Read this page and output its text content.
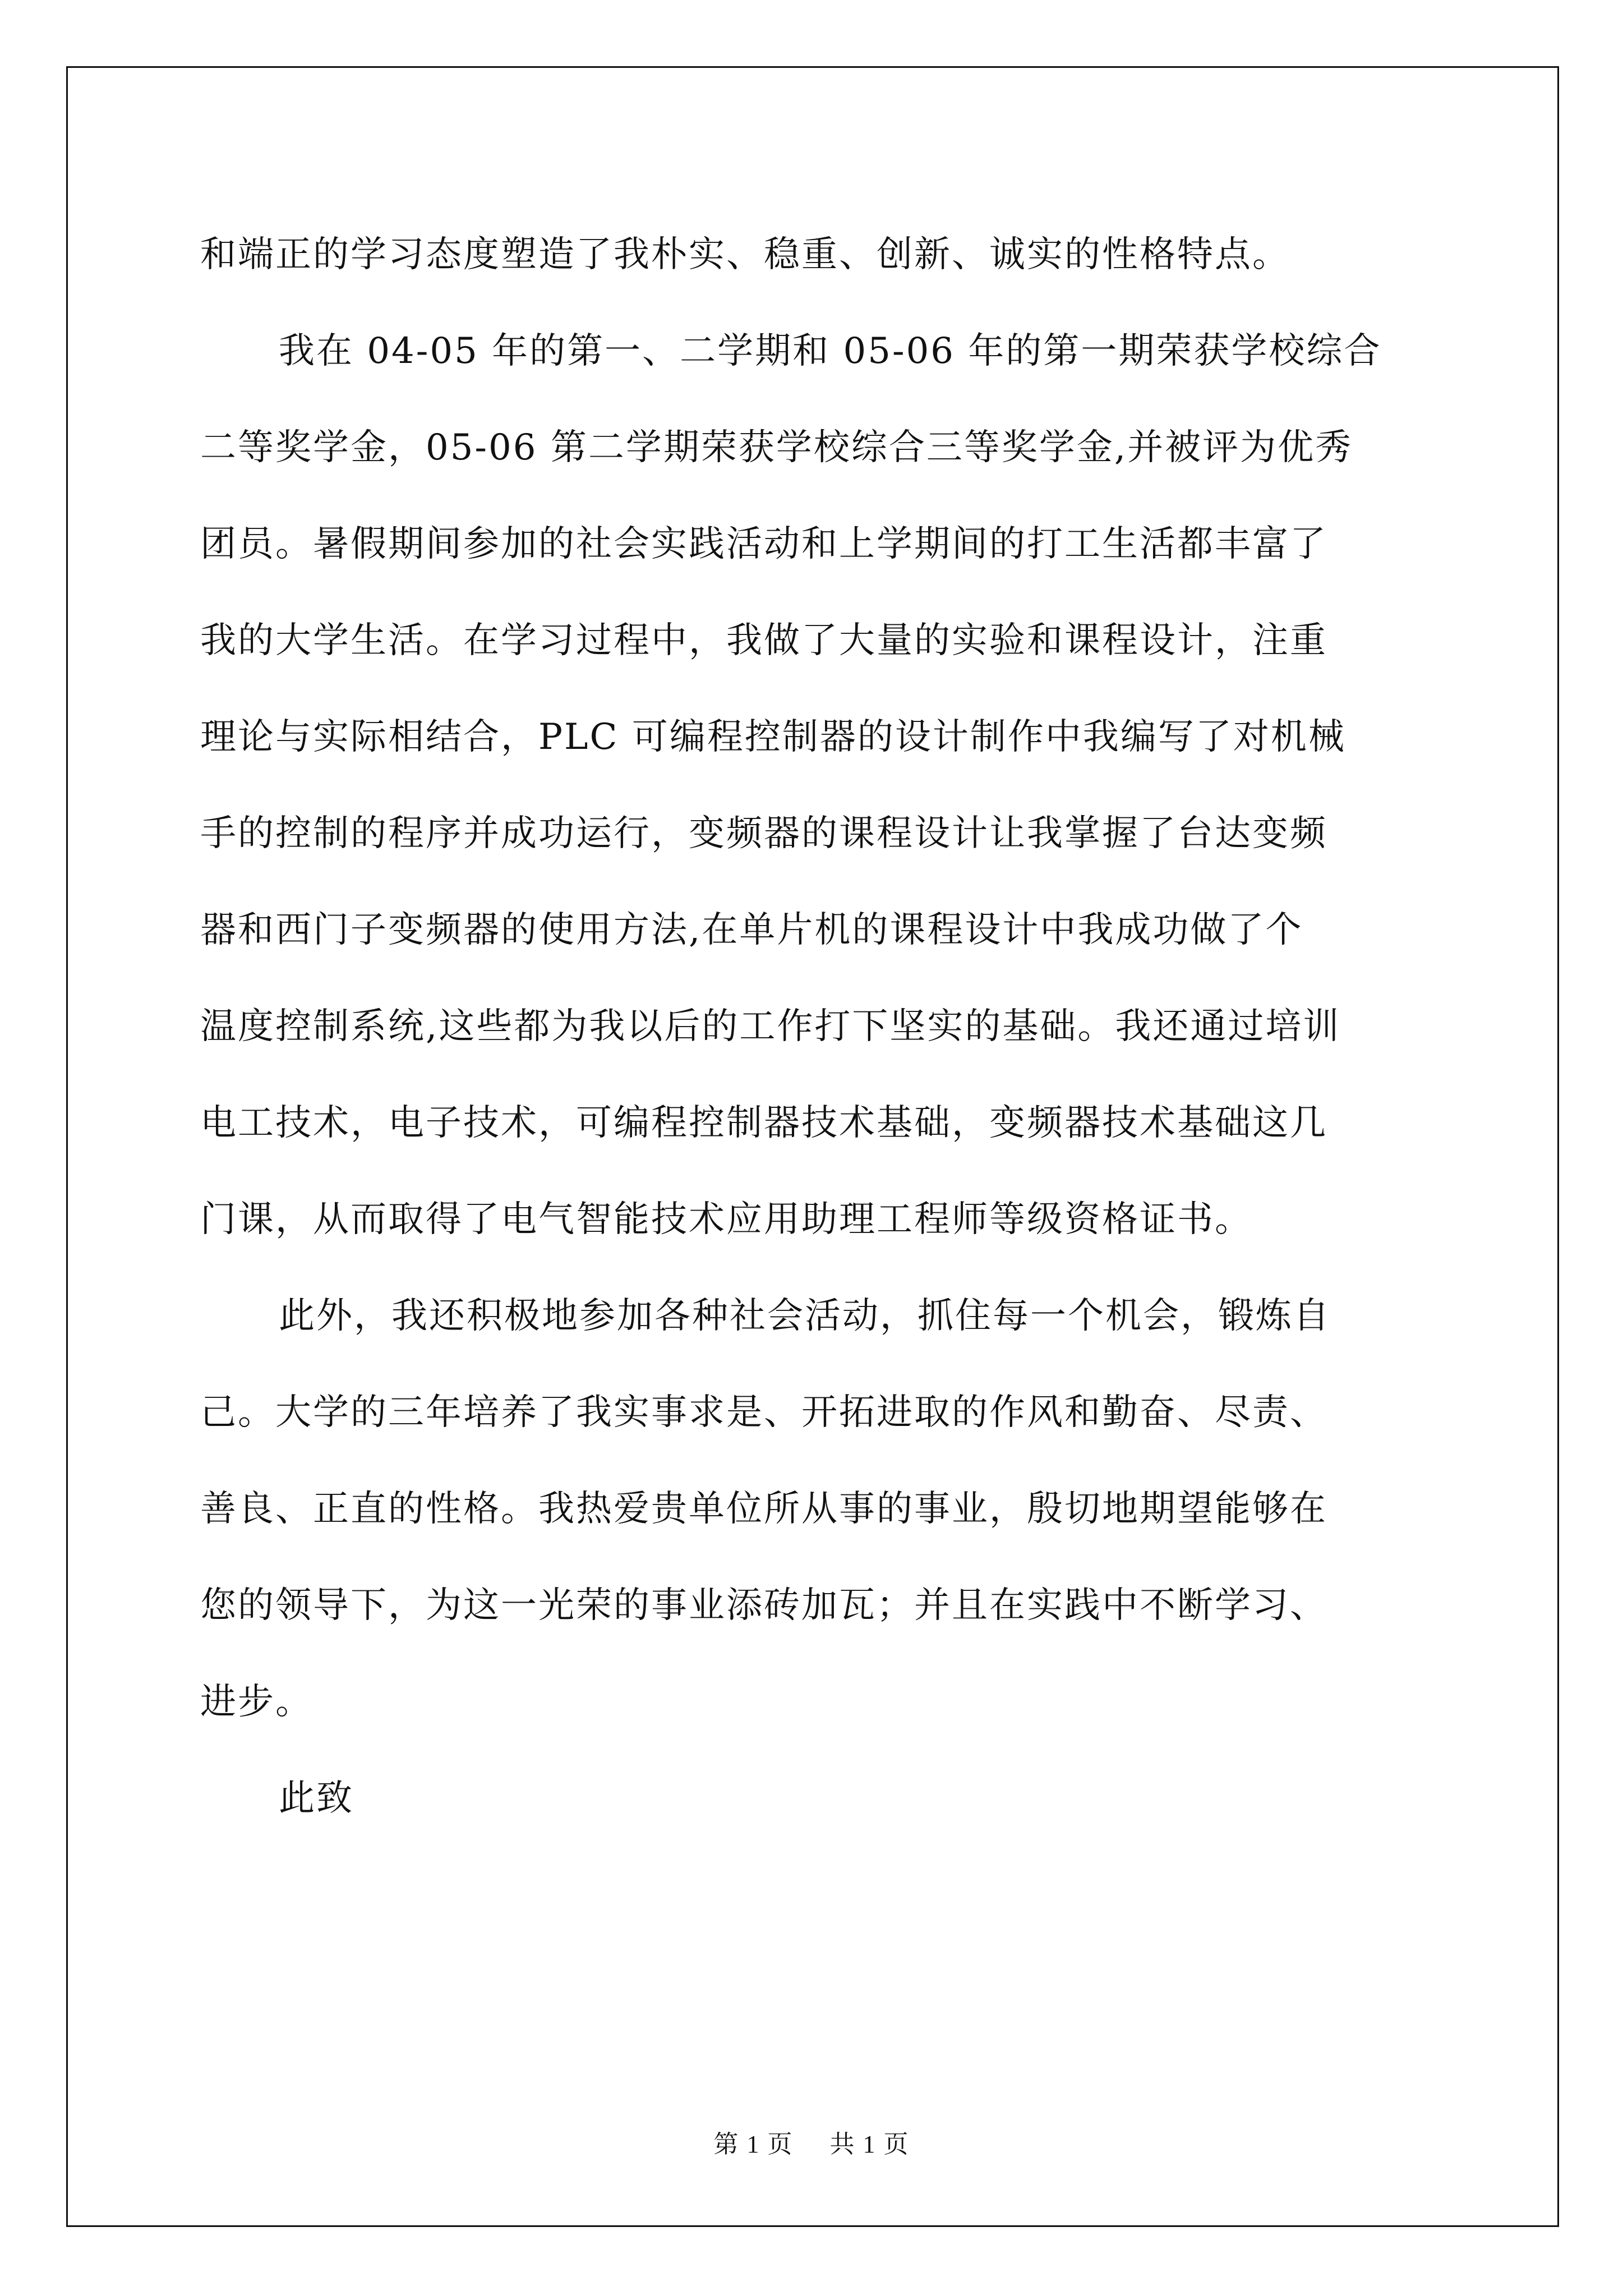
和端正的学习态度塑造了我朴实、稳重、创新、诚实的性格特点。
我在 04-05 年的第一、二学期和 05-06 年的第一期荣获学校综合
二等奖学金，05-06 第二学期荣获学校综合三等奖学金,并被评为优秀
团员。暑假期间参加的社会实践活动和上学期间的打工生活都丰富了
我的大学生活。在学习过程中，我做了大量的实验和课程设计，注重
理论与实际相结合，PLC 可编程控制器的设计制作中我编写了对机械
手的控制的程序并成功运行，变频器的课程设计让我掌握了台达变频
器和西门子变频器的使用方法,在单片机的课程设计中我成功做了个
温度控制系统,这些都为我以后的工作打下坚实的基础。我还通过培训
电工技术，电子技术，可编程控制器技术基础，变频器技术基础这几
门课，从而取得了电气智能技术应用助理工程师等级资格证书。
此外，我还积极地参加各种社会活动，抓住每一个机会，锻炼自
己。大学的三年培养了我实事求是、开拓进取的作风和勤奋、尽责、
善良、正直的性格。我热爱贵单位所从事的事业，殷切地期望能够在
您的领导下，为这一光荣的事业添砖加瓦；并且在实践中不断学习、
进步。
此致
第 1 页 共 1 页
